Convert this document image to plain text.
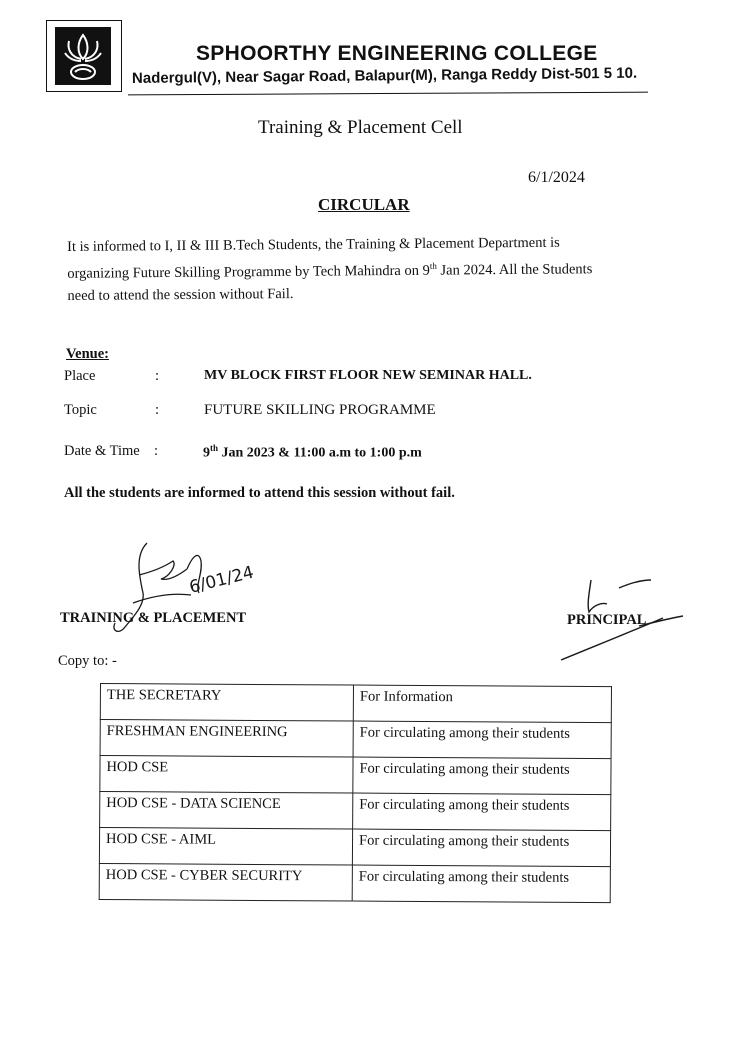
SPHOORTHY ENGINEERING COLLEGE
Nadergul(V), Near Sagar Road, Balapur(M), Ranga Reddy Dist-501 5 10.
Training & Placement Cell
6/1/2024
CIRCULAR
It is informed to I, II & III B.Tech Students, the Training & Placement Department is
organizing Future Skilling Programme by Tech Mahindra on 9th Jan 2024. All the Students
need to attend the session without Fail.
Venue:
Place	:	MV BLOCK FIRST FLOOR NEW SEMINAR HALL.
Topic	:	FUTURE SKILLING PROGRAMME
Date & Time :	9th Jan 2023 & 11:00 a.m to 1:00 p.m
All the students are informed to attend this session without fail.
6/01/24
TRAINING & PLACEMENT	PRINCIPAL
Copy to: -
THE SECRETARY	For Information
FRESHMAN ENGINEERING	For circulating among their students
HOD CSE	For circulating among their students
HOD CSE - DATA SCIENCE	For circulating among their students
HOD CSE - AIML	For circulating among their students
HOD CSE - CYBER SECURITY	For circulating among their students
